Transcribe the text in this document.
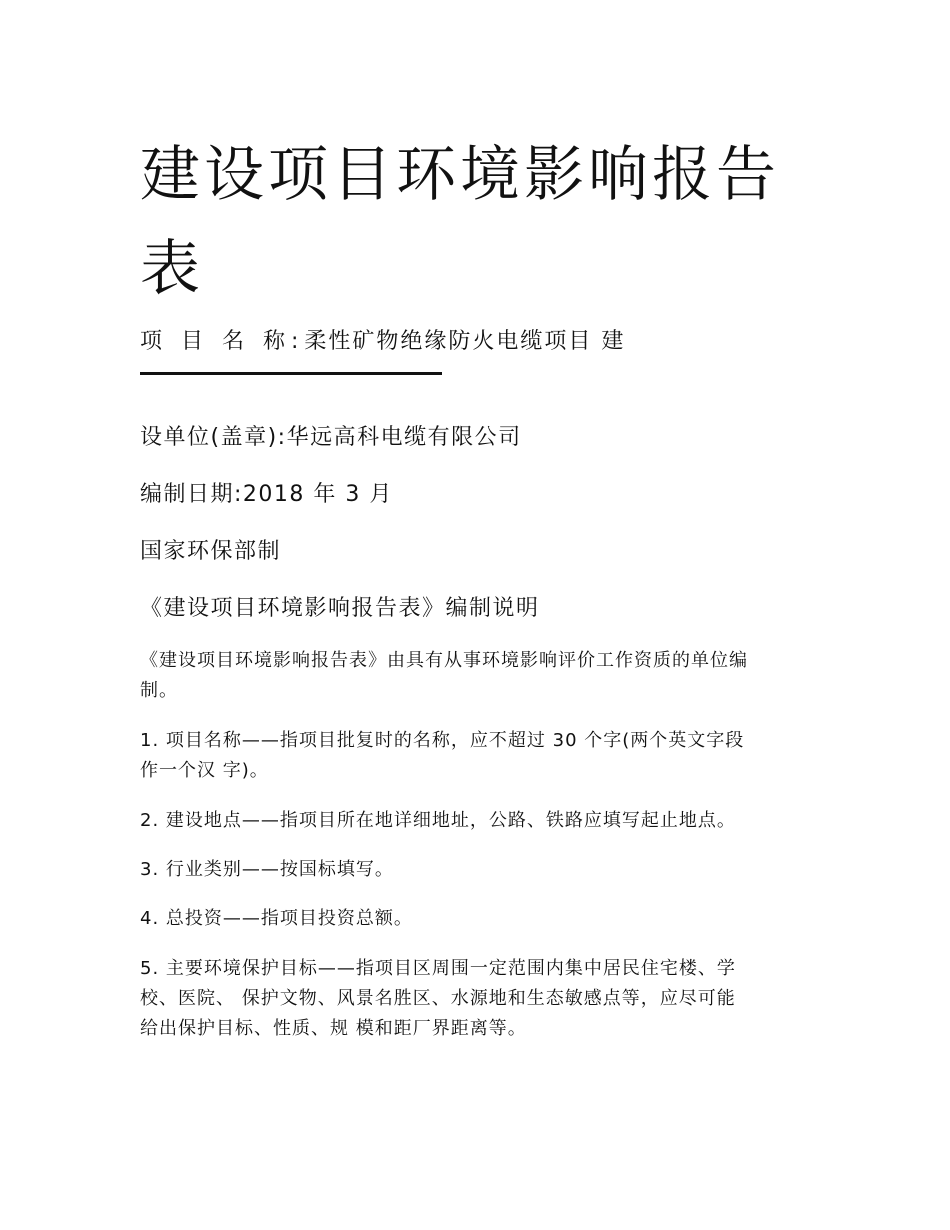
建设项目环境影响报告
表
项 目 名 称:柔性矿物绝缘防火电缆项目 建
设单位(盖章):华远高科电缆有限公司
编制日期:2018 年 3 月
国家环保部制
《建设项目环境影响报告表》编制说明
《建设项目环境影响报告表》由具有从事环境影响评价工作资质的单位编
制。
1. 项目名称——指项目批复时的名称，应不超过 30 个字(两个英文字段
作一个汉 字)。
2. 建设地点——指项目所在地详细地址，公路、铁路应填写起止地点。
3. 行业类别——按国标填写。
4. 总投资——指项目投资总额。
5. 主要环境保护目标——指项目区周围一定范围内集中居民住宅楼、学
校、医院、 保护文物、风景名胜区、水源地和生态敏感点等，应尽可能
给出保护目标、性质、规 模和距厂界距离等。
